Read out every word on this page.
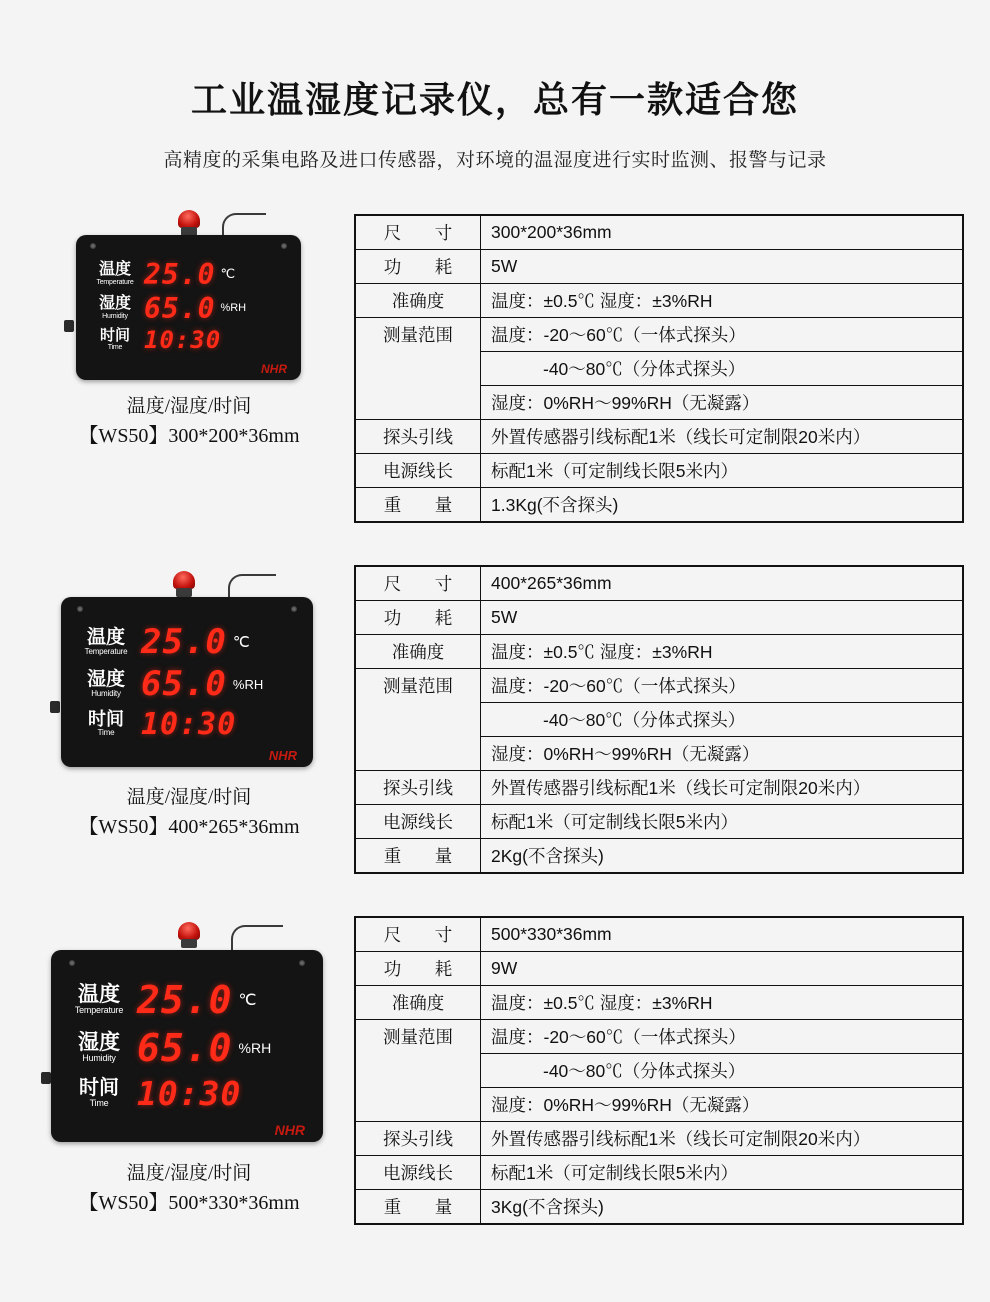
工业温湿度记录仪，总有一款适合您
高精度的采集电路及进口传感器，对环境的温湿度进行实时监测、报警与记录
温度
Temperature 25.0 ℃
湿度
Humidity 65.0 %RH
时间
Time 10:30
NHR
温度/湿度/时间
【WS50】300*200*36mm
尺　寸	300*200*36mm
功　耗	5W
准确度	温度：±0.5℃ 湿度：±3%RH
测量范围	温度：-20～60℃（一体式探头）
	-40～80℃（分体式探头）
	湿度：0%RH～99%RH（无凝露）
探头引线	外置传感器引线标配1米（线长可定制限20米内）
电源线长	标配1米（可定制线长限5米内）
重　量	1.3Kg(不含探头)
温度
Temperature 25.0 ℃
湿度
Humidity 65.0 %RH
时间
Time 10:30
NHR
温度/湿度/时间
【WS50】400*265*36mm
尺　寸	400*265*36mm
功　耗	5W
准确度	温度：±0.5℃ 湿度：±3%RH
测量范围	温度：-20～60℃（一体式探头）
	-40～80℃（分体式探头）
	湿度：0%RH～99%RH（无凝露）
探头引线	外置传感器引线标配1米（线长可定制限20米内）
电源线长	标配1米（可定制线长限5米内）
重　量	2Kg(不含探头)
温度
Temperature 25.0 ℃
湿度
Humidity 65.0 %RH
时间
Time 10:30
NHR
温度/湿度/时间
【WS50】500*330*36mm
尺　寸	500*330*36mm
功　耗	9W
准确度	温度：±0.5℃ 湿度：±3%RH
测量范围	温度：-20～60℃（一体式探头）
	-40～80℃（分体式探头）
	湿度：0%RH～99%RH（无凝露）
探头引线	外置传感器引线标配1米（线长可定制限20米内）
电源线长	标配1米（可定制线长限5米内）
重　量	3Kg(不含探头)
